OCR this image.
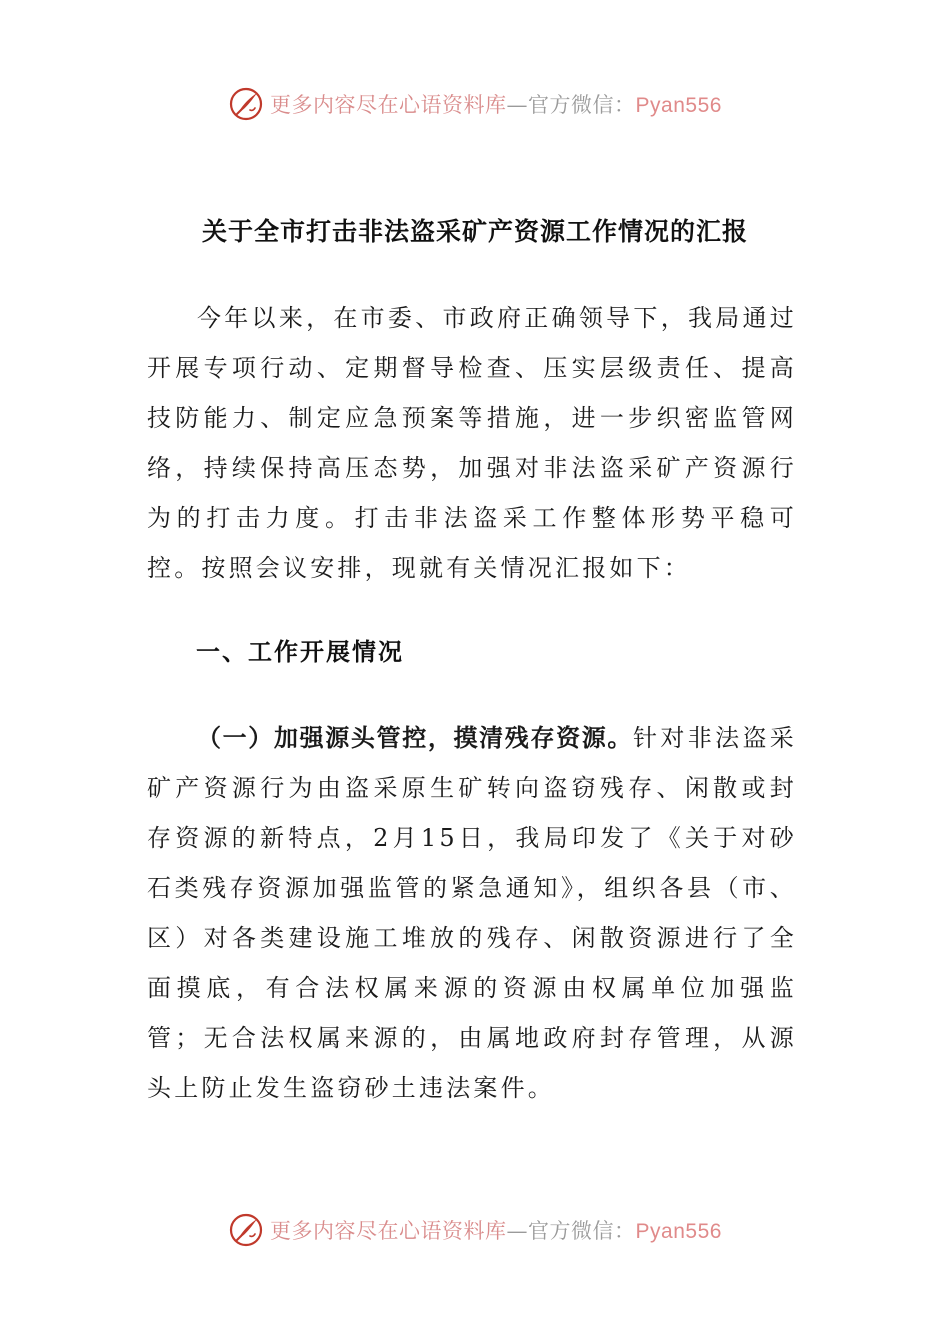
更多内容尽在心语资料库—官方微信：Pyan556
关于全市打击非法盗采矿产资源工作情况的汇报

今年以来，在市委、市政府正确领导下，我局通过开展专项行动、定期督导检查、压实层级责任、提高技防能力、制定应急预案等措施，进一步织密监管网络，持续保持高压态势，加强对非法盗采矿产资源行为的打击力度。打击非法盗采工作整体形势平稳可控。按照会议安排，现就有关情况汇报如下：

一、工作开展情况

（一）加强源头管控，摸清残存资源。针对非法盗采矿产资源行为由盗采原生矿转向盗窃残存、闲散或封存资源的新特点，2月15日，我局印发了《关于对砂石类残存资源加强监管的紧急通知》，组织各县（市、区）对各类建设施工堆放的残存、闲散资源进行了全面摸底，有合法权属来源的资源由权属单位加强监管；无合法权属来源的，由属地政府封存管理，从源头上防止发生盗窃砂土违法案件。

更多内容尽在心语资料库—官方微信：Pyan556
